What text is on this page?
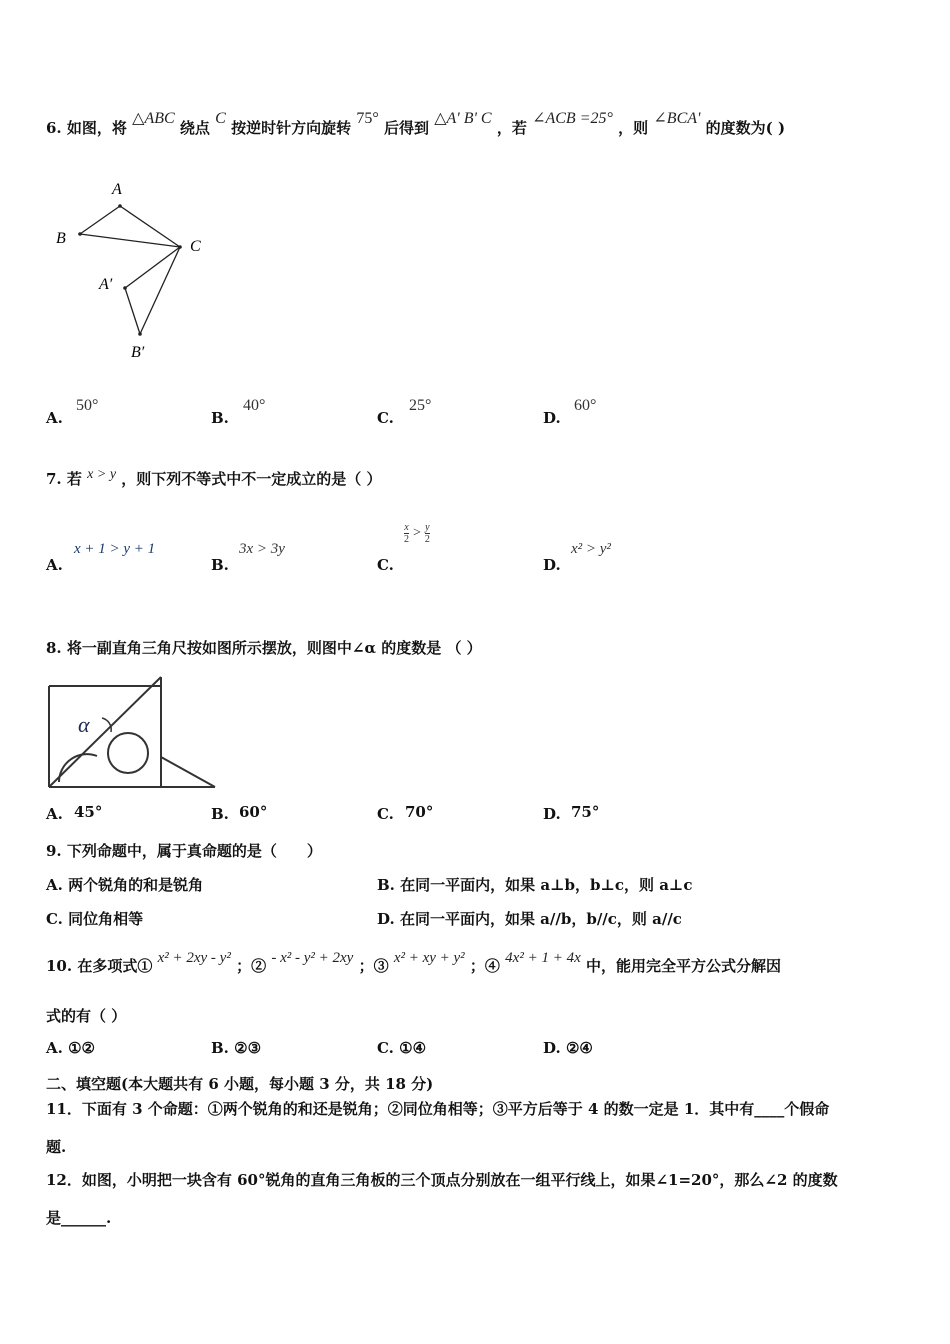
6. 如图，将 △ABC 绕点 C 按逆时针方向旋转 75° 后得到 △A' B' C ，若 ∠ACB =25° ，则 ∠BCA' 的度数为( )
A
B	C
A′
B′
A.
50°
B.
40°
C.
25°
D.
60°
7. 若 x > y ，则下列不等式中不一定成立的是（ ）
A.
x + 1 > y + 1
B.
3x > 3y
C.
$\frac{x}{2} > \frac{y}{2}$
D.
x² > y²
8. 将一副直角三角尺按如图所示摆放，则图中∠α 的度数是 （ ）
α
A. 45°	B. 60°	C. 70°	D. 75°
9. 下列命题中，属于真命题的是（　　）
A. 两个锐角的和是锐角	B. 在同一平面内，如果 a⊥b，b⊥c，则 a⊥c
C. 同位角相等	D. 在同一平面内，如果 a//b，b//c，则 a//c
10. 在多项式① x² + 2xy - y² ；② - x² - y² + 2xy ；③ x² + xy + y² ；④ 4x² + 1 + 4x 中，能用完全平方公式分解因
式的有（ ）
A. ①②	B. ②③	C. ①④	D. ②④
二、填空题(本大题共有 6 小题，每小题 3 分，共 18 分)
11．下面有 3 个命题：①两个锐角的和还是锐角；②同位角相等；③平方后等于 4 的数一定是 1．其中有____个假命
题.
12．如图，小明把一块含有 60°锐角的直角三角板的三个顶点分别放在一组平行线上，如果∠1=20°，那么∠2 的度数
是______.
